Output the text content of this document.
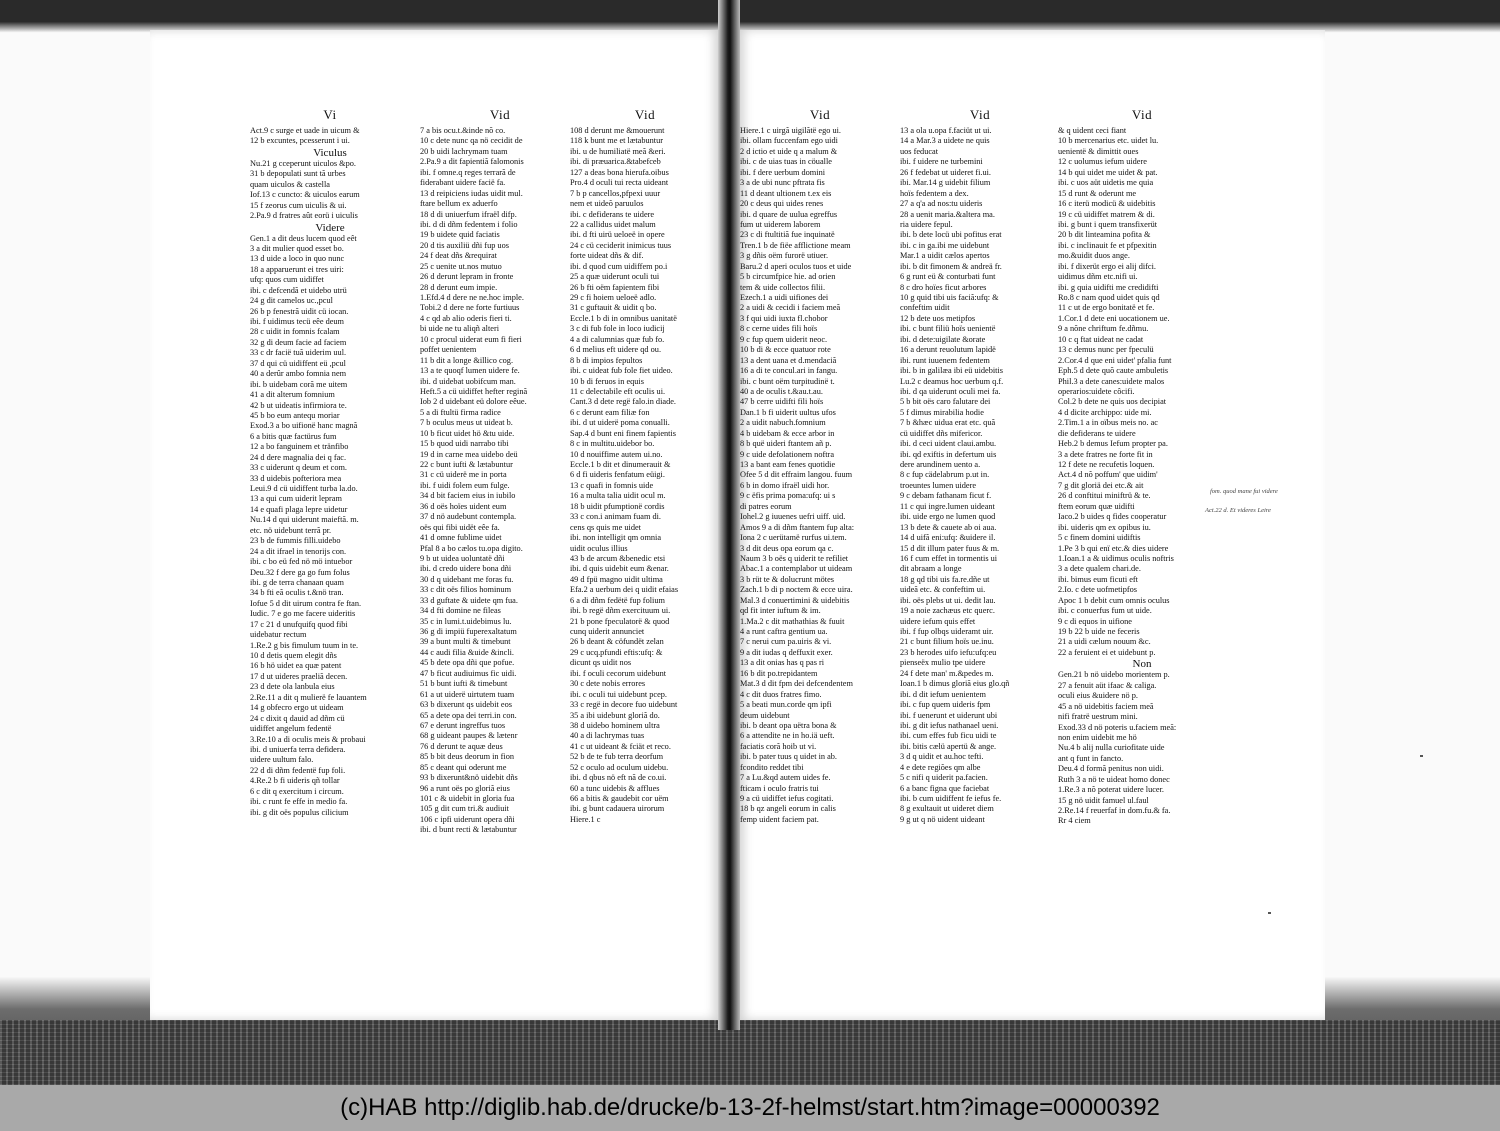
Vi
Act.9 c surge et uade in uicum &
12 b excuntes, pcesserunt i ui.
Viculus
Nu.21 g cceperunt uiculos &po.
31 b depopulati sunt tã urbes
quam uiculos & castella
Iof.13 c cuncto: & uiculos earum
15 f zeorus cum uiculis & ui.
2.Pa.9 d fratres aût eorü i uiculis
Videre
Gen.1 a dit deus lucem quod eêt
3 a dit mulier quod esset bo.
13 d uide a loco in quo nunc
18 a apparuerunt ei tres uiri:
ufq: quos cum uidiffet
ibi. c defcendã et uidebo utrü
24 g dit camelos uc.,pcul
26 b p fenestrã uidit cü iocan.
ibi. f uidimus tecü eêe deum
28 c uidit in fomnis fcalam
32 g di deum facie ad faciem
33 c dr facië tuã uiderim uul.
37 d qui cü uidiffent eü ,pcul
40 a derûr ambo fomnia nem
ibi. b uidebam corã me uitem
41 a dit alterum fomnium
42 b ut uideatis infirmiora te.
45 b bo eum antequ moriar
Exod.3 a bo uifionë hanc magnã
6 a bitis quæ factürus fum
12 a bo fanguinem et tränfibo
24 d dere magnalia dei q fac.
33 c uiderunt q deum et com.
33 d uidebis pofteriora mea
Leui.9 d cü uidiffent turba la.do.
13 a qui cum uiderit lepram
14 e quafi plaga lepre uidetur
Nu.14 d qui uiderunt maieftã. m.
etc. nö uidebunt terrã pr.
23 b de fummis filli.uidebo
24 a dit ifrael in tenorijs con.
ibi. c bo eü fed nö mö intuebor
Deu.32 f dere ga go fum folus
ibi. g de terra chanaan quam
34 b fti eã oculis t.&nö tran.
Iofue 5 d dit uirum contra fe ftan.
Iudic. 7 e go me facere uideritis
17 c 21 d unufquifq quod fibi
uidebatur rectum
1.Re.2 g bis fimulum tuum in te.
10 d detis quem elegit dñs
16 b hö uidet ea quæ patent
17 d ut uideres praeliã decen.
23 d dete ola lanbula eius
2.Re.11 a dit q mulierë fe lauantem
14 g obfecro ergo ut uideam
24 c dixit q dauid ad dñm cü
uidiffet angelum fedentë
3.Re.10 a di oculis meis & probaui
ibi. d uniuerfa terra defidera.
uidere uultum falo.
22 d di dñm fedentë fup foli.
4.Re.2 b fi uideris qñ tollar
6 c dit q exercitum i circum.
ibi. c runt fe effe in medio fa.
ibi. g dit oës populus cilicium
Vid
7 a bis ocu.t.&inde nõ co.
10 c dete nunc qa nö cecidit de
20 b uidi lachrymam tuam
2.Pa.9 a dit fapientiã falomonis
ibi. f omne.q reges terrarã de
fiderabant uidere facië fa.
13 d reipiciens iudas uidit mul.
ftare bellum ex aduerfo
18 d di uniuerfum ifraël difp.
ibi. d di dñm fedentem i folio
19 b uidete quid faciatis
20 d tis auxiliü dñi fup uos
24 f deat dñs &requirat
25 c uenite ut.nos mutuo
26 d derunt lepram in fronte
28 d derunt eum impie.
1.Efd.4 d dere ne ne.hoc imple.
Tobi.2 d dere ne forte furtiuus
4 c qd ab alio oderis fieri ti.
bi uide ne tu aliqñ alteri
10 c procul uiderat eum fi fieri
poffet uenientem
11 b dit a longe &illico cog.
13 a te quoqf lumen uidere fe.
ibi. d uidebat uobifcum man.
Heft.5 a cü uidiffet hefter reginã
Iob 2 d uidebant eü dolore eêue.
5 a di ftultü firma radice
7 b oculus meus ut uideat b.
10 b ficut uidet hö &tu uide.
15 b quod uidi narrabo tibi
19 d in carne mea uidebo deü
22 c bunt iufti & lætabuntur
31 c cü uiderë me in porta
ibi. f uidi folem eum fulge.
34 d bit faciem eius in iubilo
36 d oës hoïes uident eum
37 d nö audebunt contempla.
oës qui fibi uidët eêe fa.
41 d omne fublime uidet
Pfal 8 a bo cælos tu.opa digito.
9 b ut uidea uoluntatë dñi
ibi. d credo uidere bona dñi
30 d q uidebant me foras fu.
33 c dit oës filios hominum
33 d guftate & uidete qm fua.
34 d fti domine ne fileas
35 c in lumi.t.uidebimus lu.
36 g di impiü fuperexaltatum
39 a bunt multi & timebunt
44 c audi filia &uide &incli.
45 b dete opa dñi que pofue.
47 b ficut audiuimus fic uidi.
51 b bunt iufti & timebunt
61 a ut uiderë uirtutem tuam
63 b dixerunt qs uidebit eos
65 a dete opa dei terri.in con.
67 e derunt ingreffus tuos
68 g uideant paupes & lætenr
76 d derunt te aquæ deus
85 b bit deus deorum in fion
85 c deant qui oderunt me
93 b dixerunt&nö uidebit dñs
96 a runt oës po gloriã eius
101 c & uidebit in gloria fua
105 g dit cum tri.& audiuit
106 c ipfi uiderunt opera dñi
ibi. d bunt recti & lætabuntur
Vid
108 d derunt me &mouerunt
118 k bunt me et lætabuntur
ibi. u de humiliatë meã &eri.
ibi. di præuarica.&tabefceb
127 a deas bona hierufa.oibus
Pro.4 d oculi tui recta uideant
7 b p cancellos,pfpexi uuur
nem et uideõ paruulos
ibi. c defiderans te uidere
22 a callidus uidet malum
ibi. d fti uirü ueloeë in opere
24 c cü ceciderit inimicus tuus
forte uideat dñs & dif.
ibi. d quod cum uidiffem po.i
25 a quæ uiderunt oculi tui
26 b fti oëm fapientem fibi
29 c fi hoiem ueloeë adlo.
31 c guftauit & uidit q bo.
Eccle.1 b di in omnibus uanitatë
3 c di fub fole in loco iudicij
4 a di calumnias quæ fub fo.
6 d melius eft uidere qd ou.
8 b di impios fepultos
ibi. c uideat fub fole fiet uideo.
10 b di feruos in equis
11 c delectabile eft oculis ui.
Cant.3 d dete regë falo.in diade.
6 c derunt eam filiæ fon
ibi. d ut uiderë poma conualli.
Sap.4 d bunt eni finem fapientis
8 c in multitu.uidebor bo.
10 d nouiffime autem ui.no.
Eccle.1 b dit et dinumerauit &
6 d fi uideris fenfatum eüigi.
13 c quafi in fomnis uide
16 a multa talia uidit ocul m.
18 b uidit pfumptionë cordis
33 c con.i animam fuam di.
cens qs quis me uidet
ibi. non intelligit qm omnia
uidit oculus illius
43 b de arcum &benedic etsi
ibi. d quis uidebit eum &enar.
49 d fpü magno uidit ultima
Efa.2 a uerbum dei q uidit efaias
6 a di dñm fedëtë fup folium
ibi. b regë dñm exercituum ui.
21 b pone fpeculatorë & quod
cunq uiderit annunciet
26 b deant & cöfundët zelan
29 c ucq.pfundi eftis:ufq: &
dicunt qs uidit nos
ibi. f oculi cecorum uidebunt
30 c dete nobis errores
ibi. c oculi tui uidebunt pcep.
33 c regë in decore fuo uidebunt
35 a ibi uidebunt gloriã do.
38 d uidebo hominem ultra
40 a di lachrymas tuas
41 c ut uideant & fciät et reco.
52 b de te fub terra deorfum
52 c oculo ad oculum uidebu.
ibi. d qbus nö eft nã de co.ui.
60 a tunc uidebis & afflues
66 a bitis & gaudebit cor uëm
ibi. g bunt cadauera uirorum
Hiere.1 c
Vid
Hiere.1 c uirgã uigilãtë ego ui.
ibi. ollam fuccenfam ego uidi
2 d ictio et uide q a malum &
ibi. c de uias tuas in cöualle
ibi. f dere uerbum domini
3 a de ubi nunc pftrata fis
11 d deant ultionem t.ex eis
20 c deus qui uides renes
ibi. d quare de uulua egreffus
fum ut uiderem laborem
23 c di ftultitiã fue inquinatë
Tren.1 b de fiëe afflictione meam
3 g dñis oëm furorë utiuer.
Baru.2 d aperi oculos tuos et uide
5 b circumfpice hie. ad orien
tem & uide collectos filii.
Ezech.1 a uidi uifiones dei
2 a uidi & cecidi i faciem meã
3 f qui uidi iuxta fl.chobor
8 c cerne uides fili hoïs
9 c fup quem uiderit neoc.
10 b di & ecce quatuor rote
13 a dent uana et d.mendaciã
16 a di te concul.ari in fangu.
ibi. c bunt oëm turpitudinë t.
40 a de oculis t.&au.t.au.
47 b cerre uidifti fili hoïs
Dan.1 b fi uiderit uultus ufos
2 a uidit nabuch.fomnium
4 b uidebam & ecce arbor in
8 b quë uideri ftantem añ p.
9 c uide defolationem noftra
13 a bant eam fenes quotidie
Ofee 5 d dit effraim langou. fuum
6 b in domo ifraël uidi hor.
9 c ëfis prima poma:ufq: ui s
di patres eorum
Iohel.2 g iuuenes uefri uiff. uid.
Amos 9 a di dñm ftantem fup alta:
Iona 2 c uerütamë rurfus ui.tem.
3 d dit deus opa eorum qa c.
Naum 3 b oës q uiderit te refiliet
Abac.1 a contemplabor ut uideam
3 b rüt te & dolucrunt mötes
Zach.1 b di p noctem & ecce uira.
Mal.3 d conuertimini & uidebitis
qd fit inter iuftum & im.
1.Ma.2 c dit mathathias & fuuit
4 a runt caftra gentium ua.
7 c nerui cum pa.uiris & vi.
9 a dit iudas q deffuxit exer.
13 a dit onias has q pas ri
16 b dit po.trepidantem
Mat.3 d dit fpm dei defcendentem
4 c dit duos fratres fimo.
5 a beati mun.corde qm ipfi
deum uidebunt
ibi. b deant opa uëtra bona &
6 a attendite ne in ho.iä ueft.
faciatis corã hoib ut vi.
ibi. b pater tuus q uidet in ab.
fcondito reddet tibi
7 a Lu.&qd autem uides fe.
fticam i oculo fratris tui
9 a cü uidiffet iefus cogitati.
18 b qz angeli eorum in calis
femp uident faciem pat.
Vid
13 a ola u.opa f.faciüt ut ui.
14 a Mar.3 a uidete ne quis
uos feducat
ibi. f uidere ne turbemini
26 f fedebat ut uideret fi.ui.
ibi. Mar.14 g uidebit filium
hoïs fedentem a dex.
27 a q'a ad nos:tu uideris
28 a uenit maria.&altera ma.
ria uidere fepul.
ibi. b dete locü ubi pofitus erat
ibi. c in ga.ibi me uidebunt
Mar.1 a uidit cælos apertos
ibi. b dit fimonem & andreä fr.
6 g runt eü & conturbati funt
8 c dro hoïes ficut arbores
10 g quid tibi uis faciã:ufq: &
confeftim uidit
12 b dete uos metipfos
ibi. c bunt filiü hoïs uenientë
ibi. d dete:uigilate &orate
16 a derunt reuolutum lapidë
ibi. runt iuuenem fedentem
ibi. b in galilæa ibi eü uidebitis
Lu.2 c deamus hoc uerbum q.f.
ibi. d qa uiderunt oculi mei fa.
5 b bit oës caro falutare dei
5 f dimus mirabilia hodie
7 b &hæc uidua erat etc. quã
cü uidiffet dñs mifericor.
ibi. d ceci uident claui.ambu.
ibi. qd exiftis in defertum uis
dere arundinem uento a.
8 c fup cädelabrum p.ut in.
troeuntes lumen uidere
9 c debam fathanam ficut f.
11 c qui ingre.lumen uideant
ibi. uide ergo ne lumen quod
13 b dete & cauete ab oi aua.
14 d uifã eni:ufq: &uidere il.
15 d dit illum pater fuus & m.
16 f cum effet in tormentis ui
dit abraam a longe
18 g qd tibi uis fa.re.dñe ut
uideã etc. & confeftim ui.
ibi. oës plebs ut ui. dedit lau.
19 a noie zachæus etc querc.
uidere iefum quis effet
ibi. f fup olbqs uideramt uir.
21 c bunt filium hoïs ue.inu.
23 b herodes uifo iefu:ufq:eu
pienseëx mulio tpe uidere
24 f dete man' m.&pedes m.
Ioan.1 b dimus gloriã eius glo.qñ
ibi. d dit iefum uenientem
ibi. c fup quem uideris fpm
ibi. f uenerunt et uiderunt ubi
ibi. g dit iefus nathanael ueni.
ibi. cum effes fub ficu uidi te
ibi. bitis cælü apertü & ange.
3 d q uidit et au.hoc tefti.
4 e dete regiões qm albe
5 c nifi q uiderit pa.facien.
6 a banc figna que faciebat
ibi. b cum uidiffent fe iefus fe.
8 g exultauit ut uideret diem
9 g ut q nö uident uideant
Vid
& q uident ceci fiant
10 b mercenarius etc. uidet lu.
uenientë & dimittit oues
12 c uolumus iefum uidere
14 b qui uidet me uidet & pat.
ibi. c uos aüt uidetis me quia
15 d runt & oderunt me
16 c iterü modicü & uidebitis
19 c cü uidiffet matrem & di.
ibi. g bunt i quem transfixerüt
20 b dit linteamina pofita &
ibi. c inclinauit fe et pfpexitin
mo.&uidit duos ange.
ibi. f dixerüt ergo ei alij difci.
uidimus dñm etc.nifi ui.
ibi. g quia uidifti me credidifti
Ro.8 c nam quod uidet quis qd
11 c ut de ergo bonitatë et fe.
1.Cor.1 d dete eni uocationem ue.
9 a nõne chriftum fe.dñmu.
10 c q ftat uideat ne cadat
13 c demus nunc per fpeculü
2.Cor.4 d que eni uidet' pfalia funt
Eph.5 d dete quõ caute ambuletis
Phil.3 a dete canes:uidete malos
operarios:uidete côcifi.
Col.2 b dete ne quis uos decipiat
4 d dicite archippo: uide mi.
2.Tim.1 a in oïbus meis no. ac
die defiderans te uidere
Heb.2 b demus Iefum propter pa.
3 a dete fratres ne forte fit in
12 f dete ne recufetis loquen.
Act.4 d nõ poffum' que uidim'
7 g dit gloriä dei etc.& ait
26 d conftitui miniftrü & te.
ftem eorum quæ uidifti
Iaco.2 b uides q fides cooperatur
ibi. uideris qm ex opibus iu.
5 c finem domini uidiftis
1.Pe 3 b qui enï etc.& dies uidere
1.Ioan.1 a & uidimus oculis noftris
3 a dete qualem chari.de.
ibi. bimus eum ficuti eft
2.Io. c dete uofmetipfos
Apoc 1 b debit cum omnis oculus
ibi. c conuerfus fum ut uide.
9 c di equos in uifione
19 b 22 b uide ne feceris
21 a uidi cælum nouum &c.
22 a feruient ei et uidebunt p.
Non
Gen.21 b nö uidebo morientem p.
27 a fenuit aüt ifaac & caliga.
oculi eius &uidere nö p.
45 a nö uidebitis faciem meã
nifi fratrë uestrum mini.
Exod.33 d nö poteris u.faciem meã:
non enim uidebit me hö
Nu.4 b alij nulla curiofitate uide
ant q funt in fancto.
Deu.4 d formã penitus non uidi.
Ruth 3 a nö te uideat homo donec
1.Re.3 a nõ poterat uidere lucer.
15 g nö uidit famuel ul.faul
2.Re.14 f reuerfaf in dom.fu.& fa.
Rr 4 ciem
fom. quod mane fui videre
Act.22 d. Et videres Leire
(c)HAB http://diglib.hab.de/drucke/b-13-2f-helmst/start.htm?image=00000392
